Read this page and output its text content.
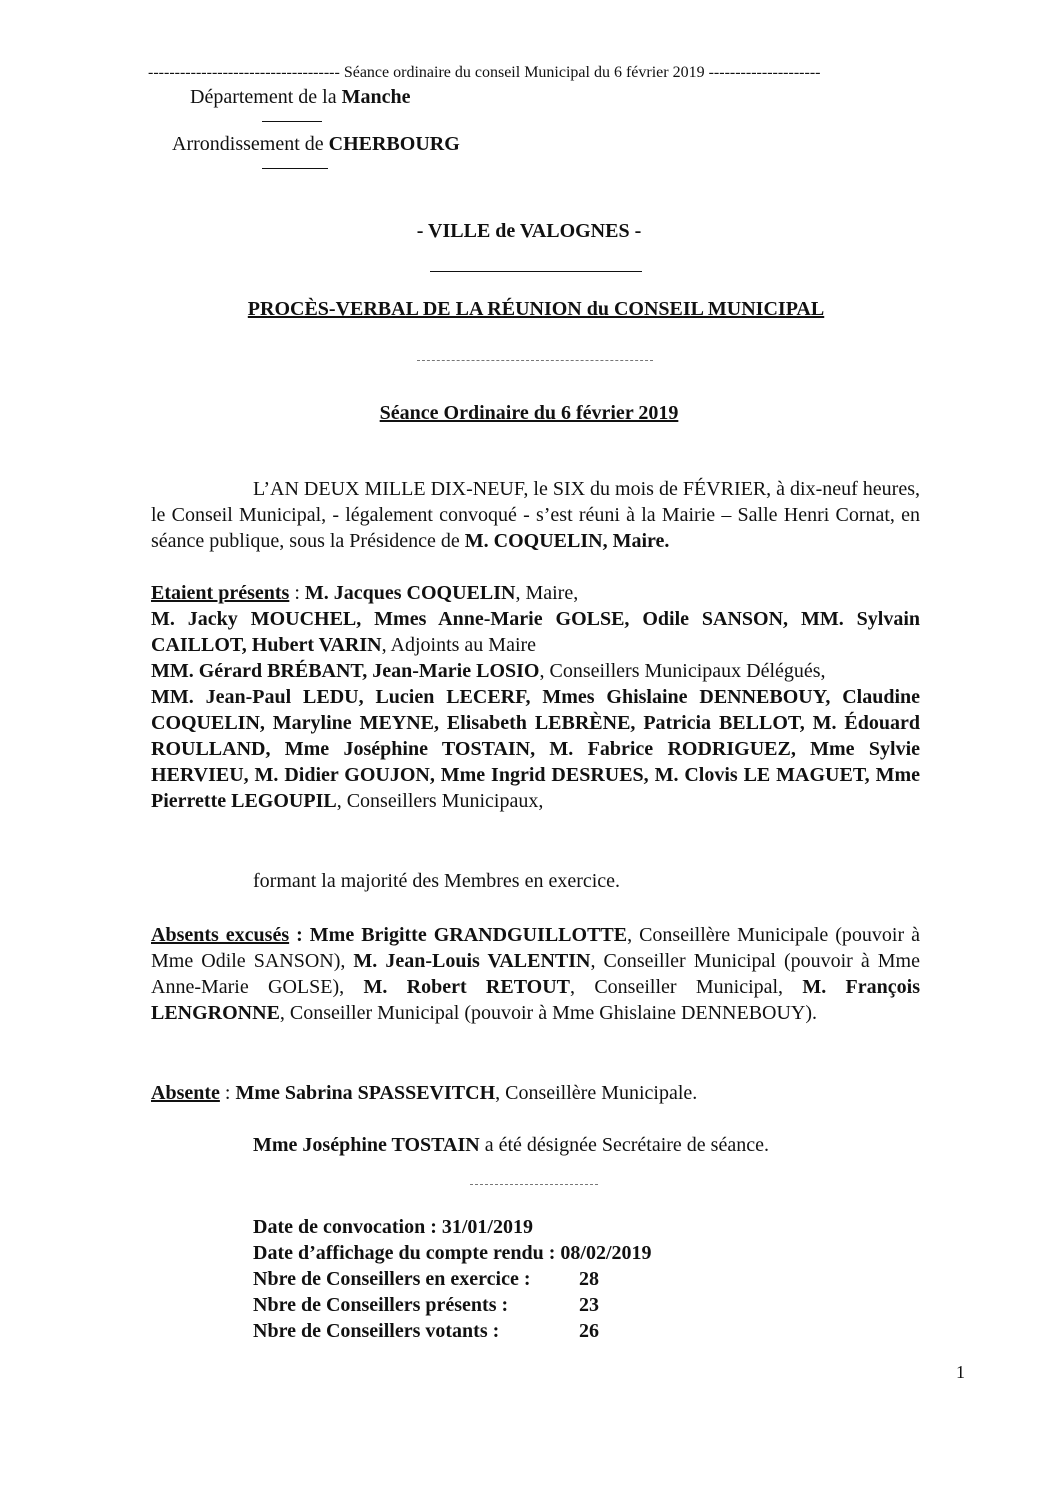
------------------------------------ Séance ordinaire du conseil Municipal du 6 février 2019 ---------------------
Département de la Manche
Arrondissement de CHERBOURG
- VILLE de VALOGNES -
PROCÈS-VERBAL DE LA RÉUNION du CONSEIL MUNICIPAL
Séance Ordinaire du 6 février 2019
L’AN DEUX MILLE DIX-NEUF, le SIX du mois de FÉVRIER, à dix-neuf heures, le Conseil Municipal, - légalement convoqué - s’est réuni à la Mairie – Salle Henri Cornat, en séance publique, sous la Présidence de M. COQUELIN, Maire.

Etaient présents : M. Jacques COQUELIN, Maire,

M. Jacky MOUCHEL, Mmes Anne-Marie GOLSE, Odile SANSON, MM. Sylvain CAILLOT, Hubert VARIN, Adjoints au Maire

MM. Gérard BRÉBANT, Jean-Marie LOSIO, Conseillers Municipaux Délégués,

MM. Jean-Paul LEDU, Lucien LECERF, Mmes Ghislaine DENNEBOUY, Claudine COQUELIN, Maryline MEYNE, Elisabeth LEBRÈNE, Patricia BELLOT, M. Édouard ROULLAND, Mme Joséphine TOSTAIN, M. Fabrice RODRIGUEZ, Mme Sylvie HERVIEU, M. Didier GOUJON, Mme Ingrid DESRUES, M. Clovis LE MAGUET, Mme Pierrette LEGOUPIL, Conseillers Municipaux,

formant la majorité des Membres en exercice.
Absents excusés : Mme Brigitte GRANDGUILLOTTE, Conseillère Municipale (pouvoir à Mme Odile SANSON), M. Jean-Louis VALENTIN, Conseiller Municipal (pouvoir à Mme Anne-Marie GOLSE), M. Robert RETOUT, Conseiller Municipal, M. François LENGRONNE, Conseiller Municipal (pouvoir à Mme Ghislaine DENNEBOUY).
Absente : Mme Sabrina SPASSEVITCH, Conseillère Municipale.
Mme Joséphine TOSTAIN a été désignée Secrétaire de séance.
Date de convocation : 31/01/2019
Date d’affichage du compte rendu : 08/02/2019
Nbre de Conseillers en exercice : 28
Nbre de Conseillers présents :	23
Nbre de Conseillers votants :	26
1
